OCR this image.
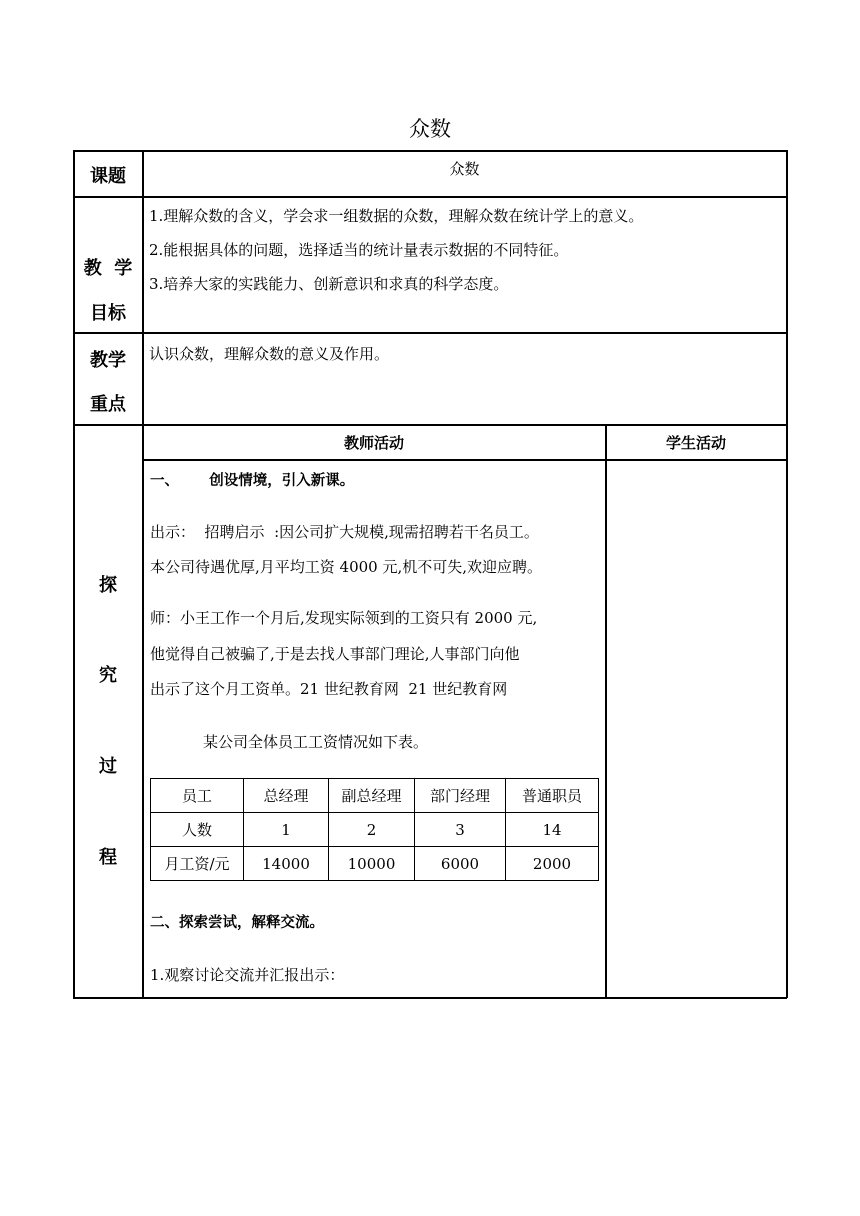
众数
课题	众数
教  学
目标
1.理解众数的含义，学会求一组数据的众数，理解众数在统计学上的意义。
2.能根据具体的问题，选择适当的统计量表示数据的不同特征。
3.培养大家的实践能力、创新意识和求真的科学态度。
教学
重点
认识众数，理解众数的意义及作用。
探
究
过
程
教师活动	学生活动
一、      创设情境，引入新课。
出示：  招聘启示  :因公司扩大规模,现需招聘若干名员工。
本公司待遇优厚,月平均工资 4000 元,机不可失,欢迎应聘。
师：小王工作一个月后,发现实际领到的工资只有 2000 元,
他觉得自己被骗了,于是去找人事部门理论,人事部门向他
出示了这个月工资单。21 世纪教育网  21 世纪教育网
某公司全体员工工资情况如下表。
员工	总经理	副总经理	部门经理	普通职员
人数	1	2	3	14
月工资/元	14000	10000	6000	2000
二、探索尝试，解释交流。
1.观察讨论交流并汇报出示：
